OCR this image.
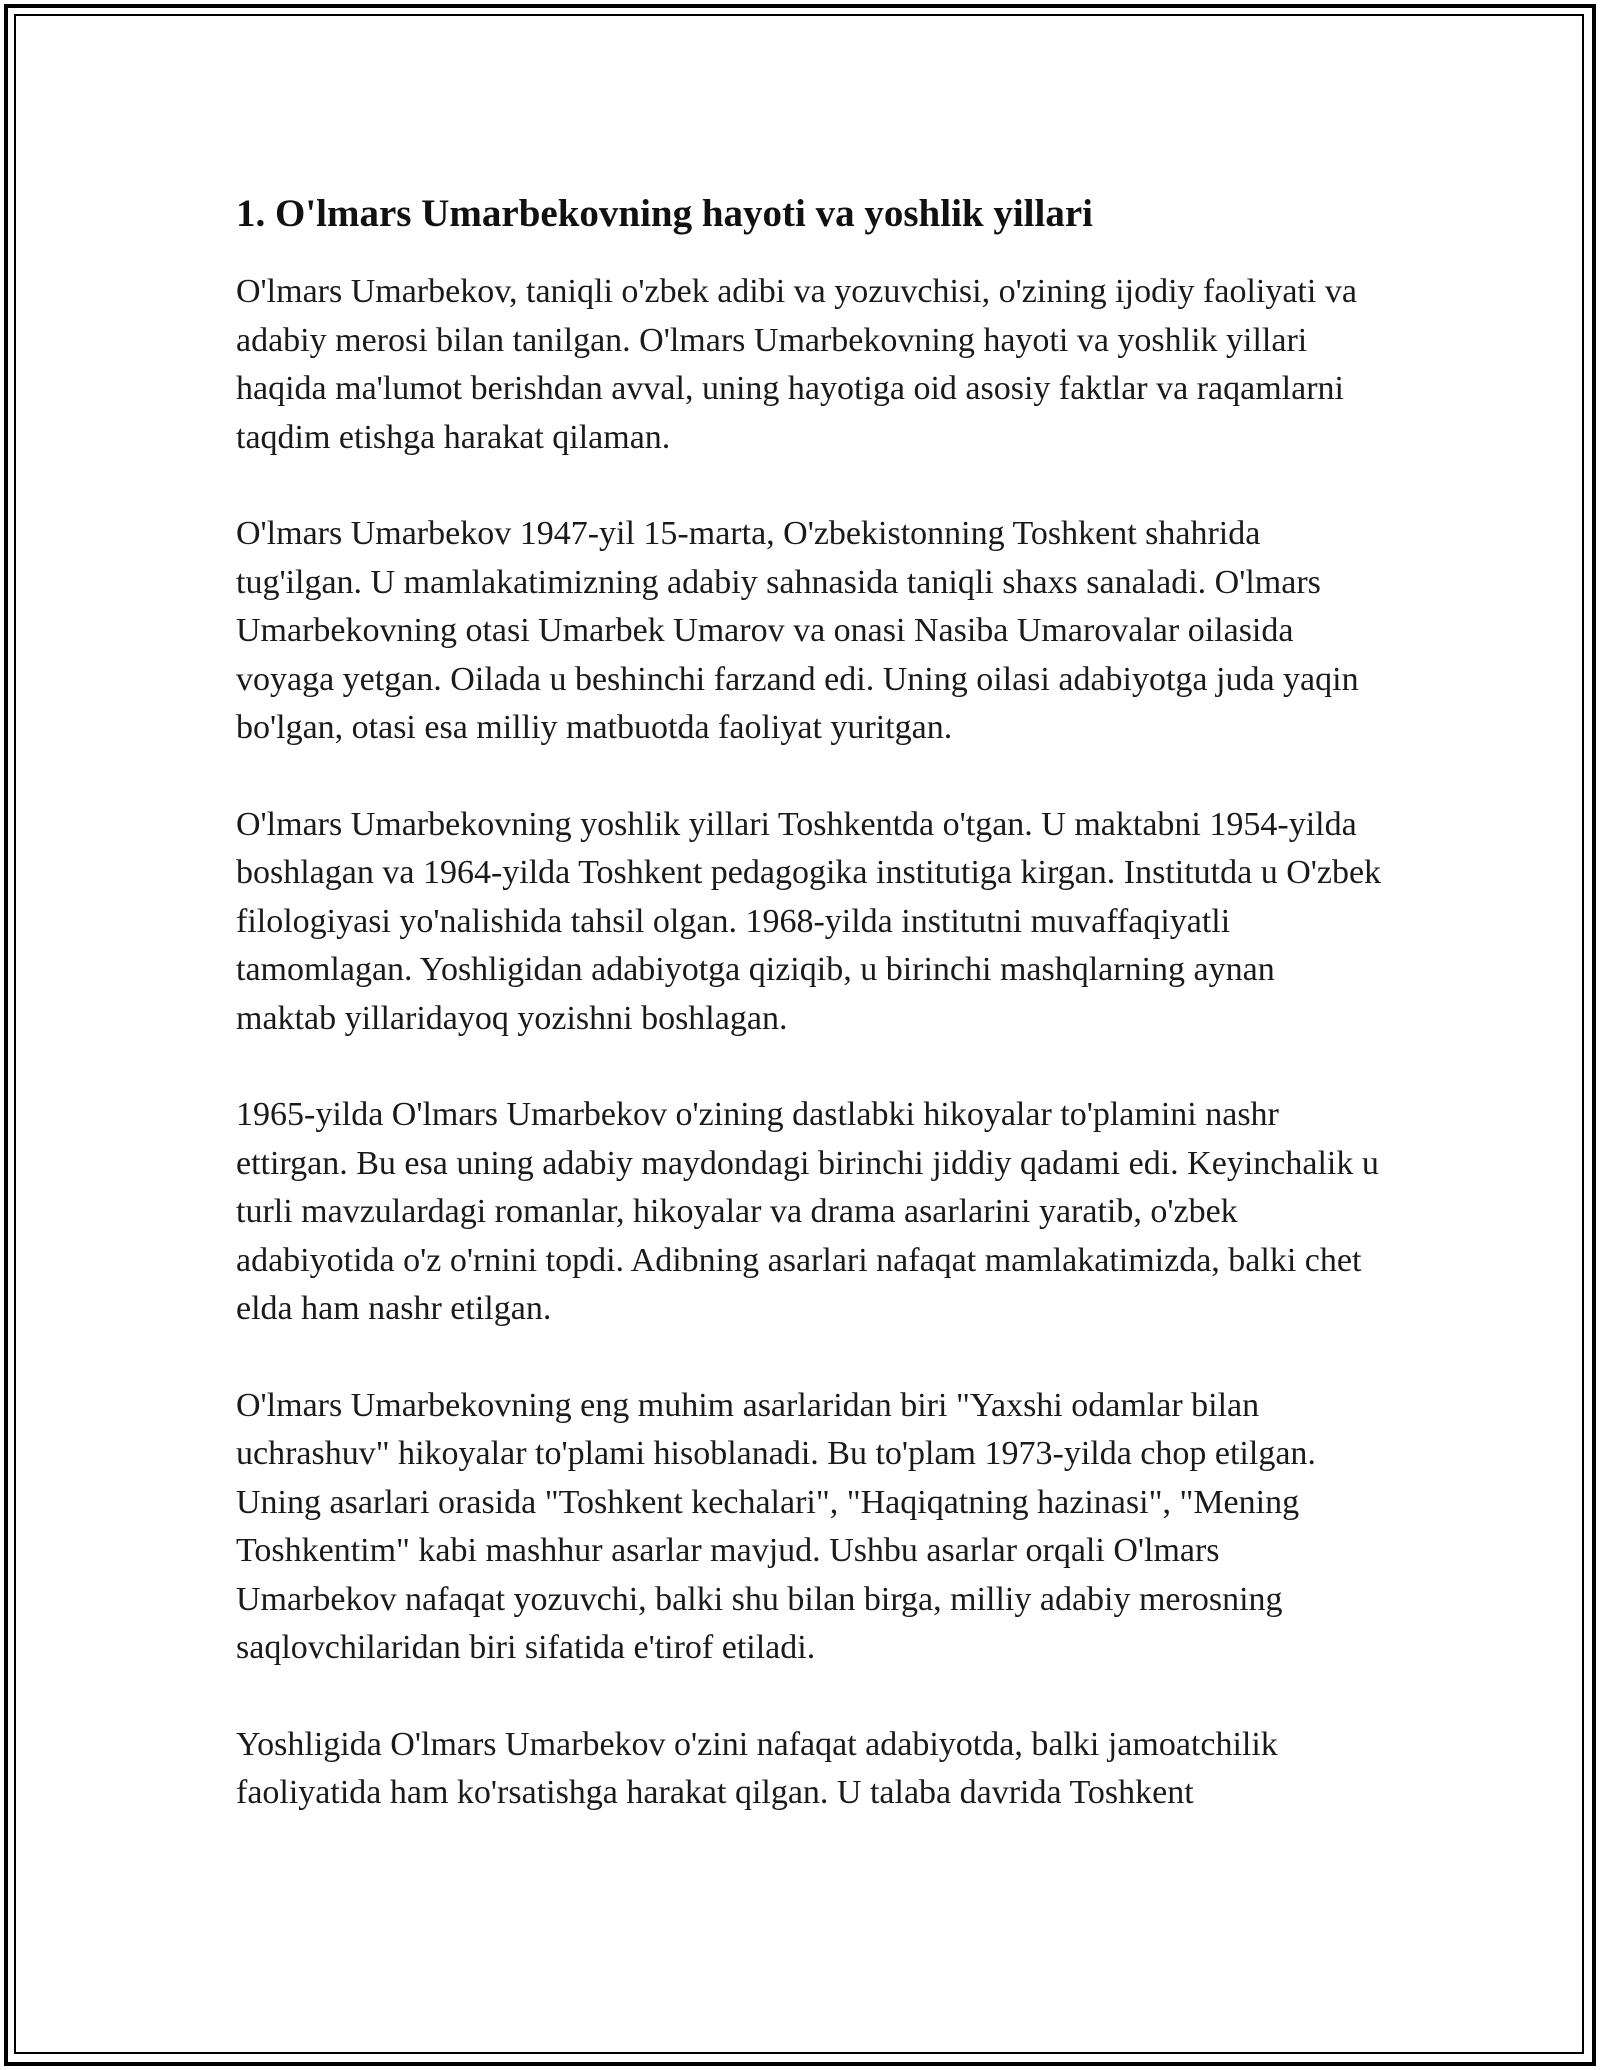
1. O'lmars Umarbekovning hayoti va yoshlik yillari

O'lmars Umarbekov, taniqli o'zbek adibi va yozuvchisi, o'zining ijodiy faoliyati va adabiy merosi bilan tanilgan. O'lmars Umarbekovning hayoti va yoshlik yillari haqida ma'lumot berishdan avval, uning hayotiga oid asosiy faktlar va raqamlarni taqdim etishga harakat qilaman.

O'lmars Umarbekov 1947-yil 15-marta, O'zbekistonning Toshkent shahrida tug'ilgan. U mamlakatimizning adabiy sahnasida taniqli shaxs sanaladi. O'lmars Umarbekovning otasi Umarbek Umarov va onasi Nasiba Umarovalar oilasida voyaga yetgan. Oilada u beshinchi farzand edi. Uning oilasi adabiyotga juda yaqin bo'lgan, otasi esa milliy matbuotda faoliyat yuritgan.

O'lmars Umarbekovning yoshlik yillari Toshkentda o'tgan. U maktabni 1954-yilda boshlagan va 1964-yilda Toshkent pedagogika institutiga kirgan. Institutda u O'zbek filologiyasi yo'nalishida tahsil olgan. 1968-yilda institutni muvaffaqiyatli tamomlagan. Yoshligidan adabiyotga qiziqib, u birinchi mashqlarning aynan maktab yillaridayoq yozishni boshlagan.

1965-yilda O'lmars Umarbekov o'zining dastlabki hikoyalar to'plamini nashr ettirgan. Bu esa uning adabiy maydondagi birinchi jiddiy qadami edi. Keyinchalik u turli mavzulardagi romanlar, hikoyalar va drama asarlarini yaratib, o'zbek adabiyotida o'z o'rnini topdi. Adibning asarlari nafaqat mamlakatimizda, balki chet elda ham nashr etilgan.

O'lmars Umarbekovning eng muhim asarlaridan biri "Yaxshi odamlar bilan uchrashuv" hikoyalar to'plami hisoblanadi. Bu to'plam 1973-yilda chop etilgan. Uning asarlari orasida "Toshkent kechalari", "Haqiqatning hazinasi", "Mening Toshkentim" kabi mashhur asarlar mavjud. Ushbu asarlar orqali O'lmars Umarbekov nafaqat yozuvchi, balki shu bilan birga, milliy adabiy merosning saqlovchilaridan biri sifatida e'tirof etiladi.

Yoshligida O'lmars Umarbekov o'zini nafaqat adabiyotda, balki jamoatchilik faoliyatida ham ko'rsatishga harakat qilgan. U talaba davrida Toshkent
